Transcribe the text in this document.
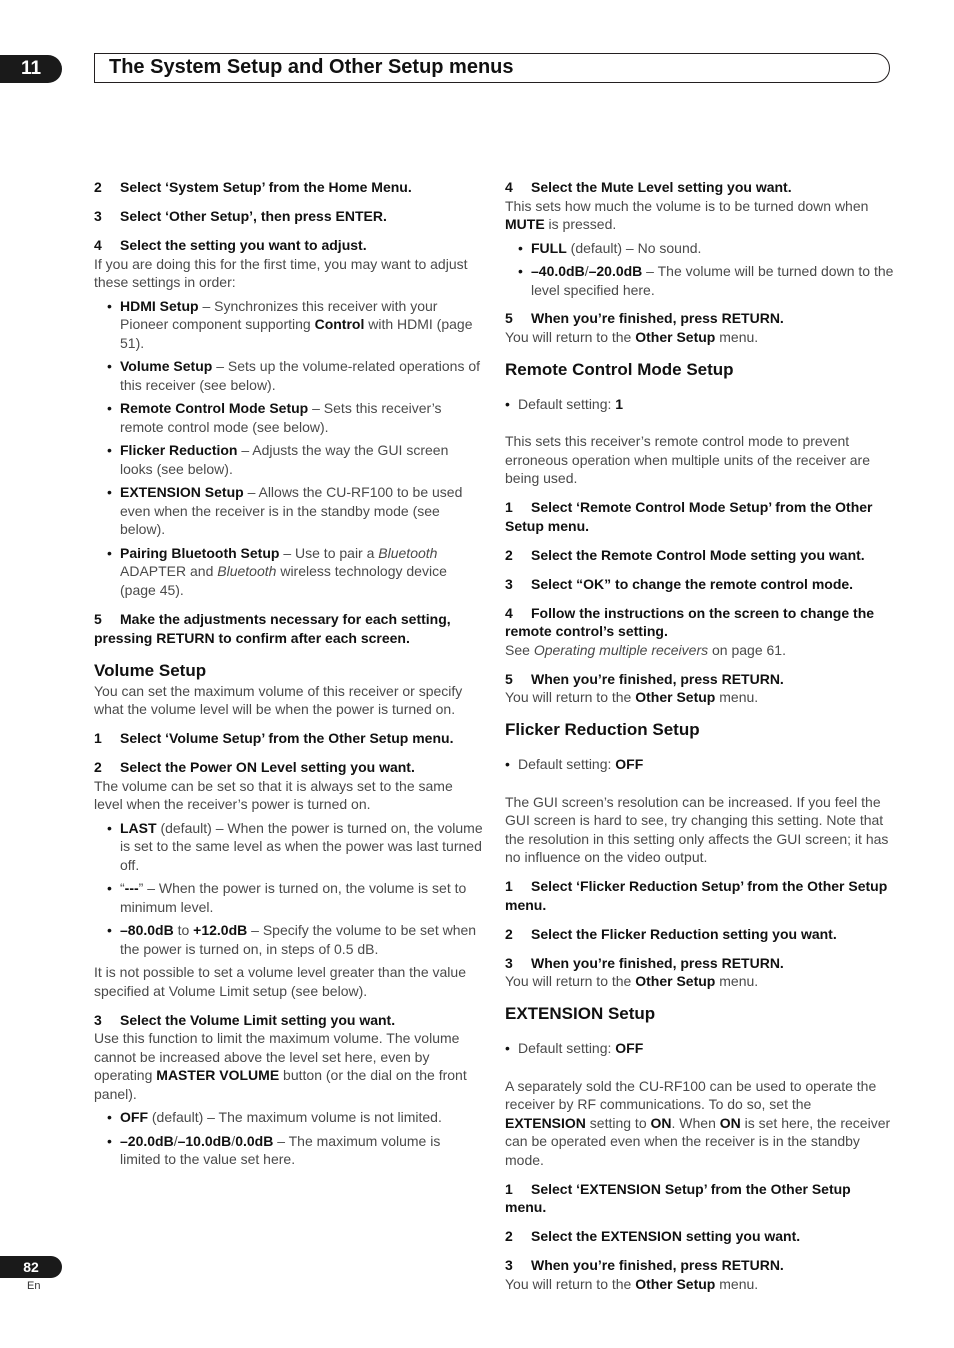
11	The System Setup and Other Setup menus

2 Select ‘System Setup’ from the Home Menu.

3 Select ‘Other Setup’, then press ENTER.

4 Select the setting you want to adjust.

If you are doing this for the first time, you may want to adjust these settings in order:

• HDMI Setup – Synchronizes this receiver with your Pioneer component supporting Control with HDMI (page 51).
• Volume Setup – Sets up the volume-related operations of this receiver (see below).
• Remote Control Mode Setup – Sets this receiver’s remote control mode (see below).
• Flicker Reduction – Adjusts the way the GUI screen looks (see below).
• EXTENSION Setup – Allows the CU-RF100 to be used even when the receiver is in the standby mode (see below).
• Pairing Bluetooth Setup – Use to pair a Bluetooth ADAPTER and Bluetooth wireless technology device (page 45).

5 Make the adjustments necessary for each setting, pressing RETURN to confirm after each screen.

Volume Setup

You can set the maximum volume of this receiver or specify what the volume level will be when the power is turned on.

1 Select ‘Volume Setup’ from the Other Setup menu.

2 Select the Power ON Level setting you want.

The volume can be set so that it is always set to the same level when the receiver’s power is turned on.

• LAST (default) – When the power is turned on, the volume is set to the same level as when the power was last turned off.
• “---” – When the power is turned on, the volume is set to minimum level.
• –80.0dB to +12.0dB – Specify the volume to be set when the power is turned on, in steps of 0.5 dB.

It is not possible to set a volume level greater than the value specified at Volume Limit setup (see below).

3 Select the Volume Limit setting you want.

Use this function to limit the maximum volume. The volume cannot be increased above the level set here, even by operating MASTER VOLUME button (or the dial on the front panel).

• OFF (default) – The maximum volume is not limited.
• –20.0dB/–10.0dB/0.0dB – The maximum volume is limited to the value set here.

4 Select the Mute Level setting you want.

This sets how much the volume is to be turned down when MUTE is pressed.

• FULL (default) – No sound.
• –40.0dB/–20.0dB – The volume will be turned down to the level specified here.

5 When you’re finished, press RETURN.

You will return to the Other Setup menu.

Remote Control Mode Setup

• Default setting: 1

This sets this receiver’s remote control mode to prevent erroneous operation when multiple units of the receiver are being used.

1 Select ‘Remote Control Mode Setup’ from the Other Setup menu.

2 Select the Remote Control Mode setting you want.

3 Select “OK” to change the remote control mode.

4 Follow the instructions on the screen to change the remote control’s setting.

See Operating multiple receivers on page 61.

5 When you’re finished, press RETURN.

You will return to the Other Setup menu.

Flicker Reduction Setup

• Default setting: OFF

The GUI screen’s resolution can be increased. If you feel the GUI screen is hard to see, try changing this setting. Note that the resolution in this setting only affects the GUI screen; it has no influence on the video output.

1 Select ‘Flicker Reduction Setup’ from the Other Setup menu.

2 Select the Flicker Reduction setting you want.

3 When you’re finished, press RETURN.

You will return to the Other Setup menu.

EXTENSION Setup

• Default setting: OFF

A separately sold the CU-RF100 can be used to operate the receiver by RF communications. To do so, set the EXTENSION setting to ON. When ON is set here, the receiver can be operated even when the receiver is in the standby mode.

1 Select ‘EXTENSION Setup’ from the Other Setup menu.

2 Select the EXTENSION setting you want.

3 When you’re finished, press RETURN.

You will return to the Other Setup menu.

82
En
